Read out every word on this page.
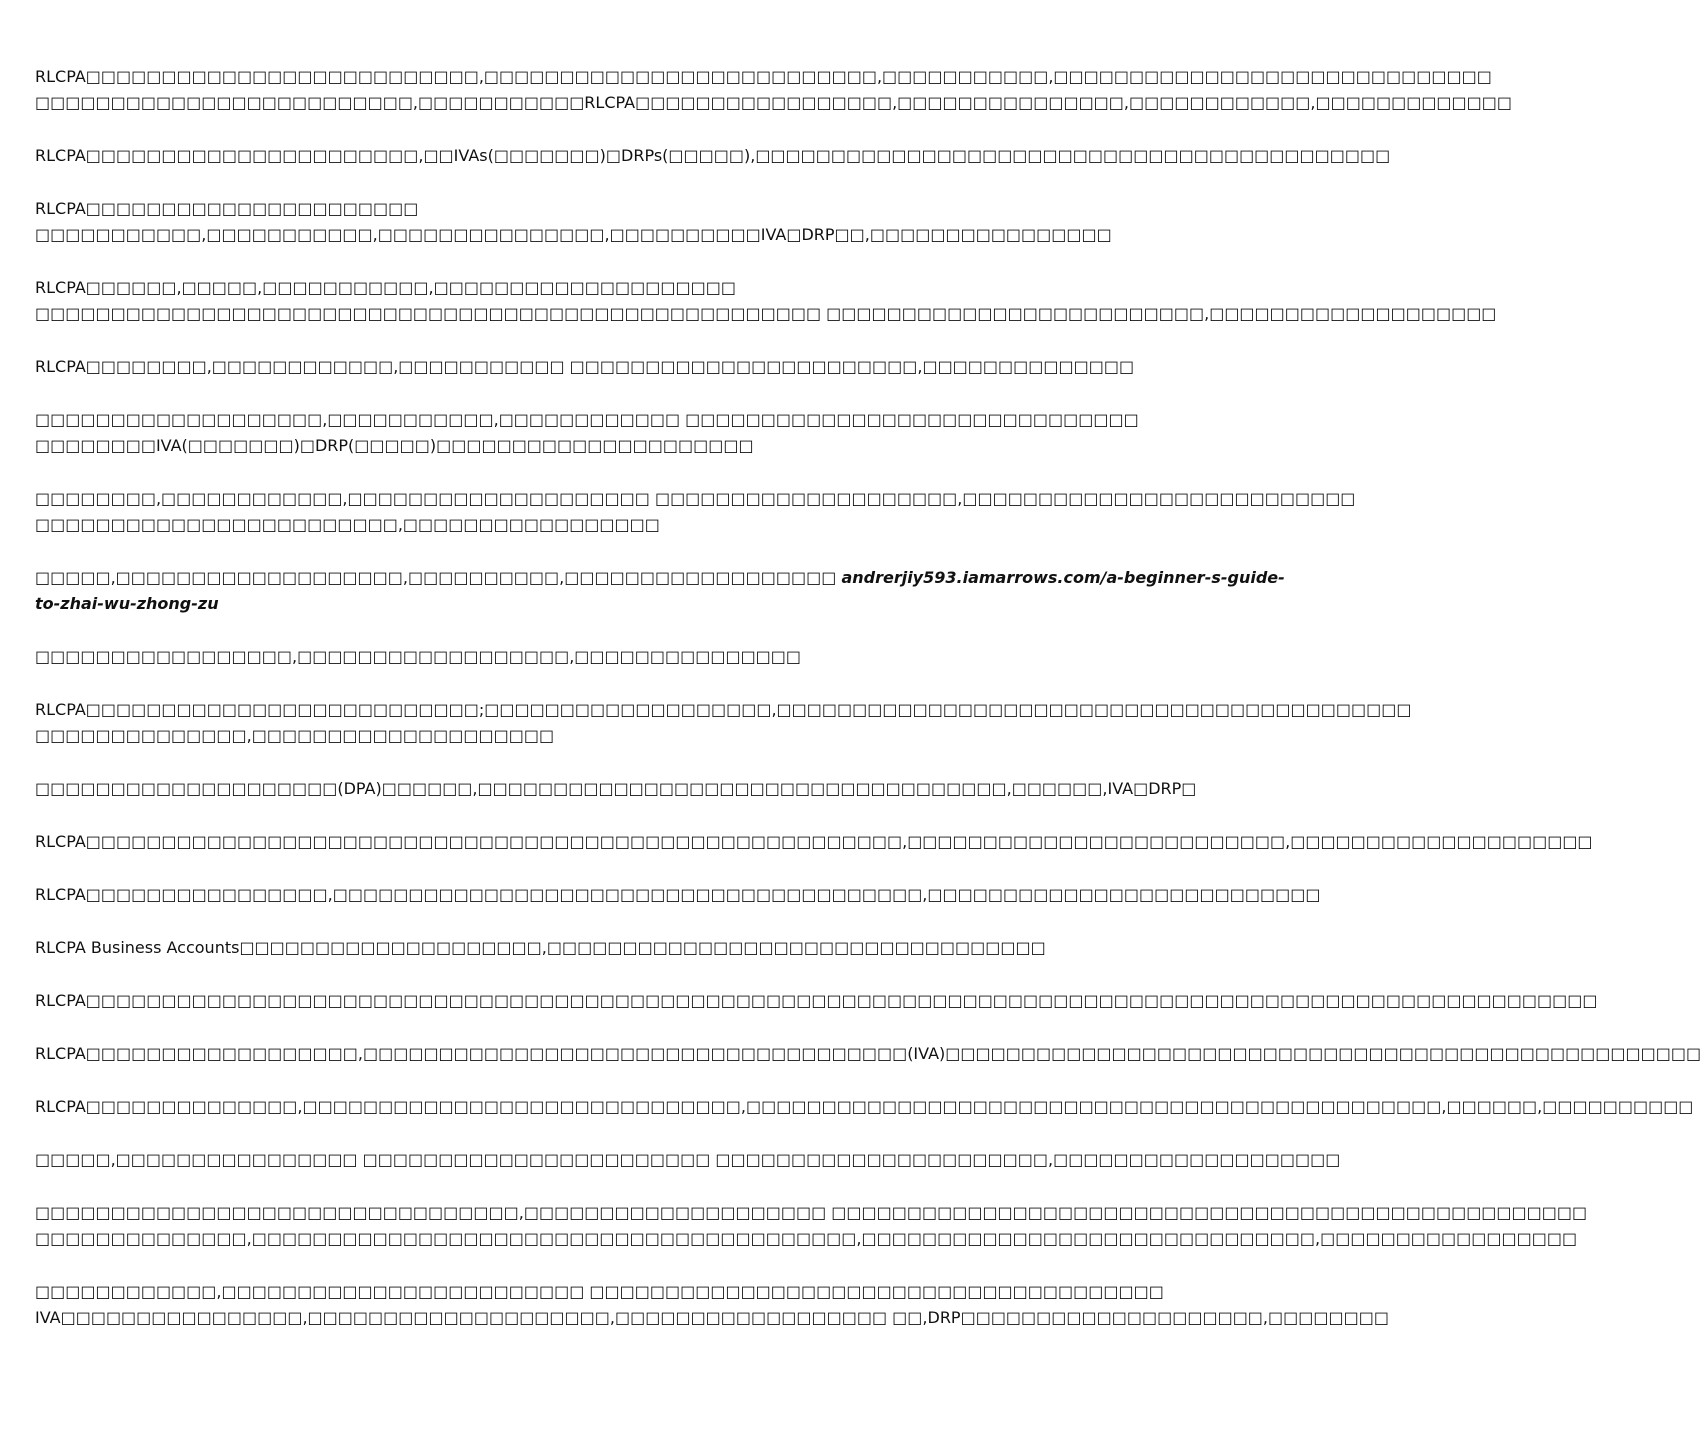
RLCPA□□□□□□□□□□□□□□□□□□□□□□□□□□,□□□□□□□□□□□□□□□□□□□□□□□□□□,□□□□□□□□□□□,□□□□□□□□□□□□□□□□□□□□□□□□□□□□□
□□□□□□□□□□□□□□□□□□□□□□□□□,□□□□□□□□□□□RLCPA□□□□□□□□□□□□□□□□□,□□□□□□□□□□□□□□□,□□□□□□□□□□□□,□□□□□□□□□□□□□
RLCPA□□□□□□□□□□□□□□□□□□□□□□,□□IVAs(□□□□□□□)□DRPs(□□□□□),□□□□□□□□□□□□□□□□□□□□□□□□□□□□□□□□□□□□□□□□□□
RLCPA□□□□□□□□□□□□□□□□□□□□□□
□□□□□□□□□□□,□□□□□□□□□□□,□□□□□□□□□□□□□□□,□□□□□□□□□□IVA□DRP□□,□□□□□□□□□□□□□□□□
RLCPA□□□□□□,□□□□□,□□□□□□□□□□□,□□□□□□□□□□□□□□□□□□□□
□□□□□□□□□□□□□□□□□□□□□□□□□□□□□□□□□□□□□□□□□□□□□□□□□□□□ □□□□□□□□□□□□□□□□□□□□□□□□□,□□□□□□□□□□□□□□□□□□□
RLCPA□□□□□□□□,□□□□□□□□□□□□,□□□□□□□□□□□ □□□□□□□□□□□□□□□□□□□□□□□,□□□□□□□□□□□□□□
□□□□□□□□□□□□□□□□□□□,□□□□□□□□□□□,□□□□□□□□□□□□ □□□□□□□□□□□□□□□□□□□□□□□□□□□□□□
□□□□□□□□IVA(□□□□□□□)□DRP(□□□□□)□□□□□□□□□□□□□□□□□□□□□
□□□□□□□□,□□□□□□□□□□□□,□□□□□□□□□□□□□□□□□□□□ □□□□□□□□□□□□□□□□□□□□,□□□□□□□□□□□□□□□□□□□□□□□□□□
□□□□□□□□□□□□□□□□□□□□□□□□,□□□□□□□□□□□□□□□□□
□□□□□,□□□□□□□□□□□□□□□□□□□,□□□□□□□□□□,□□□□□□□□□□□□□□□□□□ andrerjiy593.iamarrows.com/a-beginner-s-guide-
to-zhai-wu-zhong-zu
□□□□□□□□□□□□□□□□□,□□□□□□□□□□□□□□□□□□,□□□□□□□□□□□□□□□
RLCPA□□□□□□□□□□□□□□□□□□□□□□□□□□;□□□□□□□□□□□□□□□□□□□,□□□□□□□□□□□□□□□□□□□□□□□□□□□□□□□□□□□□□□□□□□
□□□□□□□□□□□□□□,□□□□□□□□□□□□□□□□□□□□
□□□□□□□□□□□□□□□□□□□□(DPA)□□□□□□,□□□□□□□□□□□□□□□□□□□□□□□□□□□□□□□□□□□,□□□□□□,IVA□DRP□
RLCPA□□□□□□□□□□□□□□□□□□□□□□□□□□□□□□□□□□□□□□□□□□□□□□□□□□□□□□,□□□□□□□□□□□□□□□□□□□□□□□□□,□□□□□□□□□□□□□□□□□□□□
RLCPA□□□□□□□□□□□□□□□□,□□□□□□□□□□□□□□□□□□□□□□□□□□□□□□□□□□□□□□□,□□□□□□□□□□□□□□□□□□□□□□□□□□
RLCPA Business Accounts□□□□□□□□□□□□□□□□□□□□,□□□□□□□□□□□□□□□□□□□□□□□□□□□□□□□□□
RLCPA□□□□□□□□□□□□□□□□□□□□□□□□□□□□□□□□□□□□□□□□□□□□□□□□□□□□□□□□□□□□□□□□□□□□□□□□□□□□□□□□□□□□□□□□□□□□□□□□□□□□
RLCPA□□□□□□□□□□□□□□□□□□,□□□□□□□□□□□□□□□□□□□□□□□□□□□□□□□□□□□□(IVA)□□□□□□□□□□□□□□□□□□□□□□□□□□□□□□□□□□□□□□□□□□□□□□□□□□
RLCPA□□□□□□□□□□□□□□,□□□□□□□□□□□□□□□□□□□□□□□□□□□□□,□□□□□□□□□□□□□□□□□□□□□□□□□□□□□□□□□□□□□□□□□□□□□□,□□□□□□,□□□□□□□□□□
□□□□□,□□□□□□□□□□□□□□□□ □□□□□□□□□□□□□□□□□□□□□□□ □□□□□□□□□□□□□□□□□□□□□□,□□□□□□□□□□□□□□□□□□□
□□□□□□□□□□□□□□□□□□□□□□□□□□□□□□□□,□□□□□□□□□□□□□□□□□□□□ □□□□□□□□□□□□□□□□□□□□□□□□□□□□□□□□□□□□□□□□□□□□□□□□□□
□□□□□□□□□□□□□□,□□□□□□□□□□□□□□□□□□□□□□□□□□□□□□□□□□□□□□□□,□□□□□□□□□□□□□□□□□□□□□□□□□□□□□□,□□□□□□□□□□□□□□□□□
□□□□□□□□□□□□,□□□□□□□□□□□□□□□□□□□□□□□□ □□□□□□□□□□□□□□□□□□□□□□□□□□□□□□□□□□□□□□
IVA□□□□□□□□□□□□□□□□,□□□□□□□□□□□□□□□□□□□□,□□□□□□□□□□□□□□□□□□ □□,DRP□□□□□□□□□□□□□□□□□□□□,□□□□□□□□
